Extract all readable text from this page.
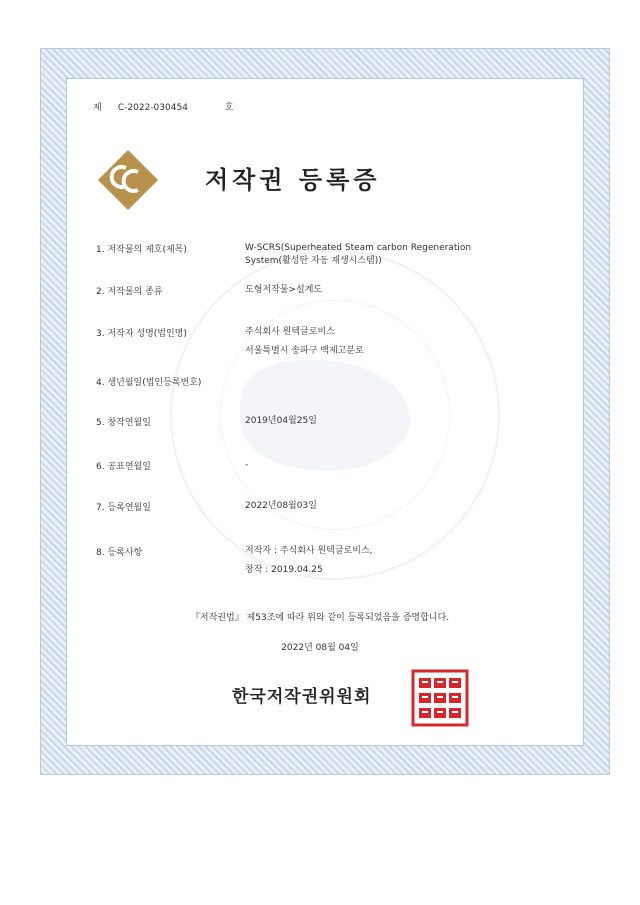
제 C-2022-030454	호
저작권 등록증
1. 저작물의 제호(제목)	W-SCRS(Superheated Steam carbon Regeneration
System(활성탄 자동 재생시스템))
2. 저작물의 종류	도형저작물>설계도
3. 저작자 성명(법인명)	주식회사 원텍글로비스
서울특별시 송파구 백제고분로
4. 생년월일(법인등록번호)
5. 창작연월일	2019년04월25일
6. 공표연월일	-
7. 등록연월일	2022년08월03일
8. 등록사항	저작자 : 주식회사 원텍글로비스,
창작 : 2019.04.25
『저작권법』 제53조에 따라 위와 같이 등록되었음을 증명합니다.
2022년 08월 04일
한국저작권위원회
